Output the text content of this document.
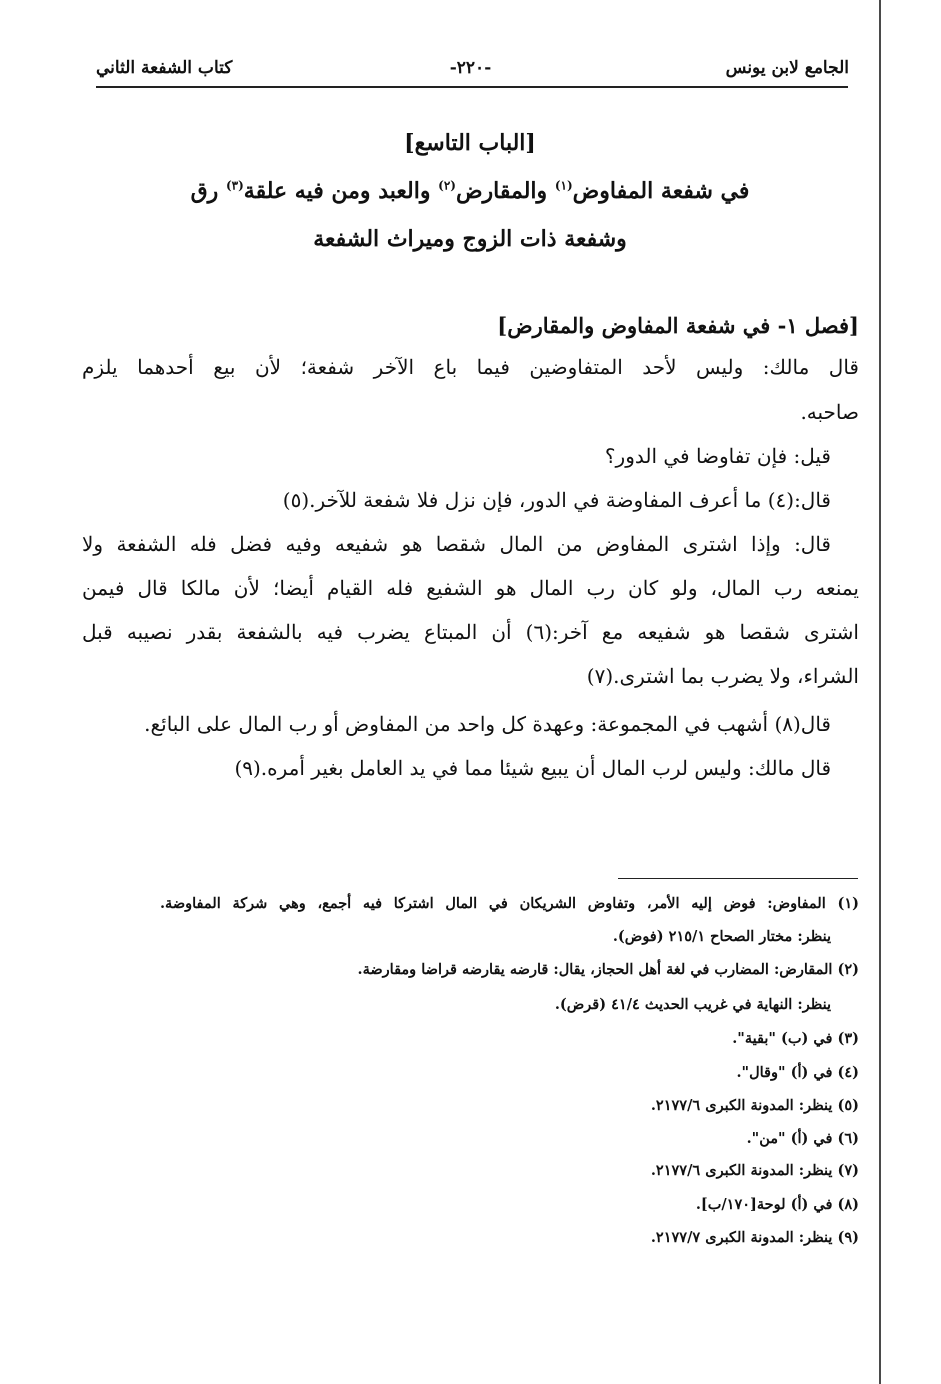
الجامع لابن يونس
-٢٢٠-
كتاب الشفعة الثاني
[الباب التاسع]
في شفعة المفاوض$^{(١)}$ والمقارض$^{(٢)}$ والعبد ومن فيه علقة$^{(٣)}$ رق
وشفعة ذات الزوج وميراث الشفعة
[فصل ١- في شفعة المفاوض والمقارض]
قال مالك: وليس لأحد المتفاوضين فيما باع الآخر شفعة؛ لأن بيع أحدهما يلزم
صاحبه.
قيل: فإن تفاوضا في الدور؟
قال:(٤) ما أعرف المفاوضة في الدور، فإن نزل فلا شفعة للآخر.(٥)
قال: وإذا اشترى المفاوض من المال شقصا هو شفيعه وفيه فضل فله الشفعة ولا
يمنعه رب المال، ولو كان رب المال هو الشفيع فله القيام أيضا؛ لأن مالكا قال فيمن
اشترى شقصا هو شفيعه مع آخر:(٦) أن المبتاع يضرب فيه بالشفعة بقدر نصيبه قبل
الشراء، ولا يضرب بما اشترى.(٧)
قال(٨) أشهب في المجموعة: وعهدة كل واحد من المفاوض أو رب المال على البائع.
قال مالك: وليس لرب المال أن يبيع شيئا مما في يد العامل بغير أمره.(٩)
(١) المفاوض: فوض إليه الأمر، وتفاوض الشريكان في المال اشتركا فيه أجمع، وهي شركة المفاوضة.
ينظر: مختار الصحاح ٢١٥/١ (فوض).
(٢) المقارض: المضارب في لغة أهل الحجاز، يقال: قارضه يقارضه قراضا ومقارضة.
ينظر: النهاية في غريب الحديث ٤١/٤ (قرض).
(٣) في (ب) "بقية".
(٤) في (أ) "وقال".
(٥) ينظر: المدونة الكبرى ٢١٧٧/٦.
(٦) في (أ) "من".
(٧) ينظر: المدونة الكبرى ٢١٧٧/٦.
(٨) في (أ) لوحة[١٧٠/ب].
(٩) ينظر: المدونة الكبرى ٢١٧٧/٧.
